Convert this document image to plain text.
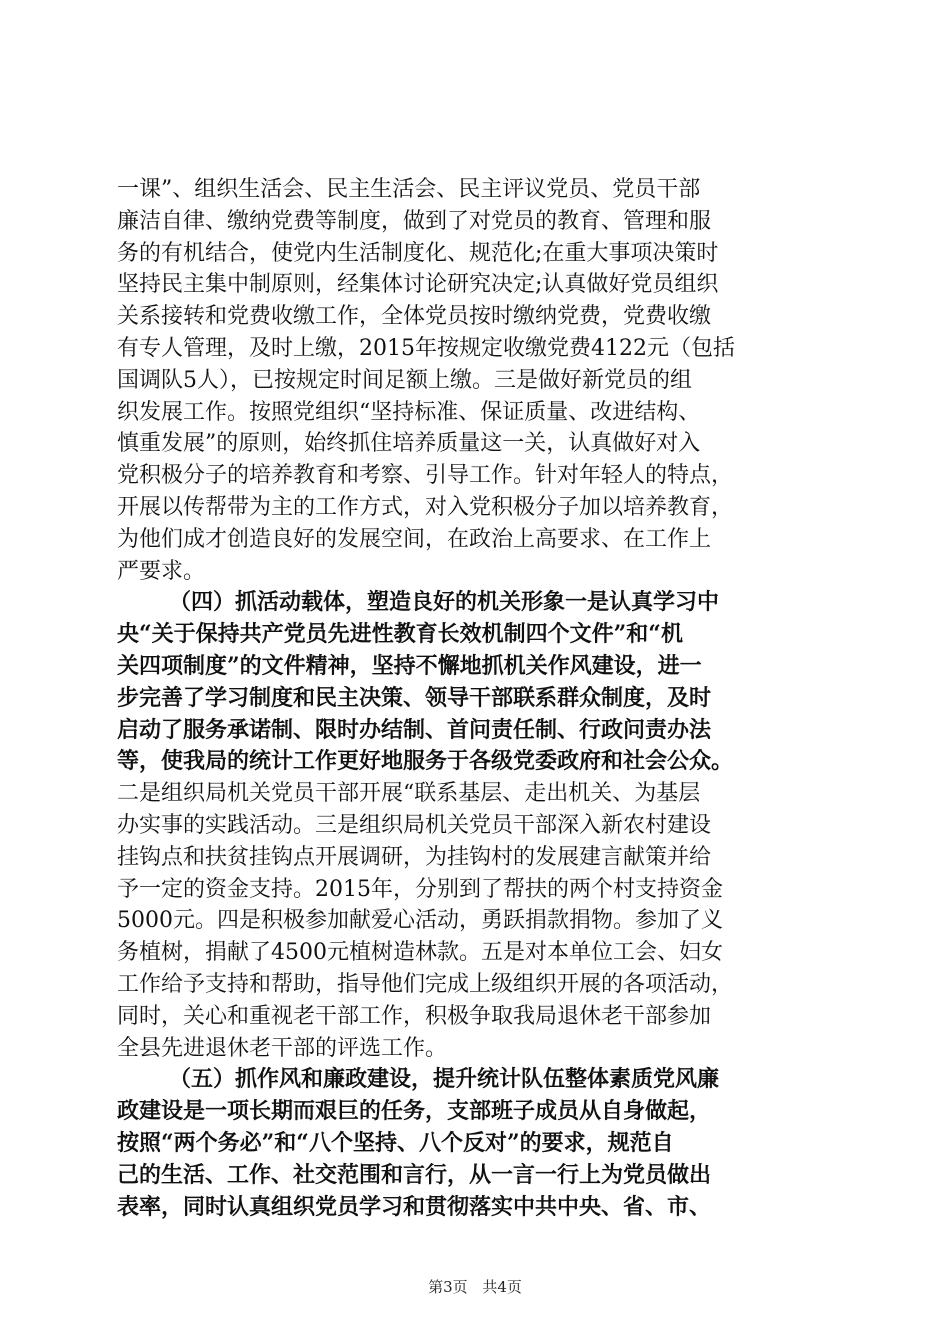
一课”、组织生活会、民主生活会、民主评议党员、党员干部
廉洁自律、缴纳党费等制度，做到了对党员的教育、管理和服
务的有机结合，使党内生活制度化、规范化;在重大事项决策时
坚持民主集中制原则，经集体讨论研究决定;认真做好党员组织
关系接转和党费收缴工作，全体党员按时缴纳党费，党费收缴
有专人管理，及时上缴，2015年按规定收缴党费4122元（包括
国调队5人），已按规定时间足额上缴。三是做好新党员的组
织发展工作。按照党组织“坚持标准、保证质量、改进结构、
慎重发展”的原则，始终抓住培养质量这一关，认真做好对入
党积极分子的培养教育和考察、引导工作。针对年轻人的特点，
开展以传帮带为主的工作方式，对入党积极分子加以培养教育，
为他们成才创造良好的发展空间，在政治上高要求、在工作上
严要求。
（四）抓活动载体，塑造良好的机关形象一是认真学习中
央“关于保持共产党员先进性教育长效机制四个文件”和“机
关四项制度”的文件精神，坚持不懈地抓机关作风建设，进一
步完善了学习制度和民主决策、领导干部联系群众制度，及时
启动了服务承诺制、限时办结制、首问责任制、行政问责办法
等，使我局的统计工作更好地服务于各级党委政府和社会公众。
二是组织局机关党员干部开展“联系基层、走出机关、为基层
办实事的实践活动。三是组织局机关党员干部深入新农村建设
挂钩点和扶贫挂钩点开展调研，为挂钩村的发展建言献策并给
予一定的资金支持。2015年，分别到了帮扶的两个村支持资金
5000元。四是积极参加献爱心活动，勇跃捐款捐物。参加了义
务植树，捐献了4500元植树造林款。五是对本单位工会、妇女
工作给予支持和帮助，指导他们完成上级组织开展的各项活动，
同时，关心和重视老干部工作，积极争取我局退休老干部参加
全县先进退休老干部的评选工作。
（五）抓作风和廉政建设，提升统计队伍整体素质党风廉
政建设是一项长期而艰巨的任务，支部班子成员从自身做起，
按照“两个务必”和“八个坚持、八个反对”的要求，规范自
己的生活、工作、社交范围和言行，从一言一行上为党员做出
表率，同时认真组织党员学习和贯彻落实中共中央、省、市、
第3页 共4页
